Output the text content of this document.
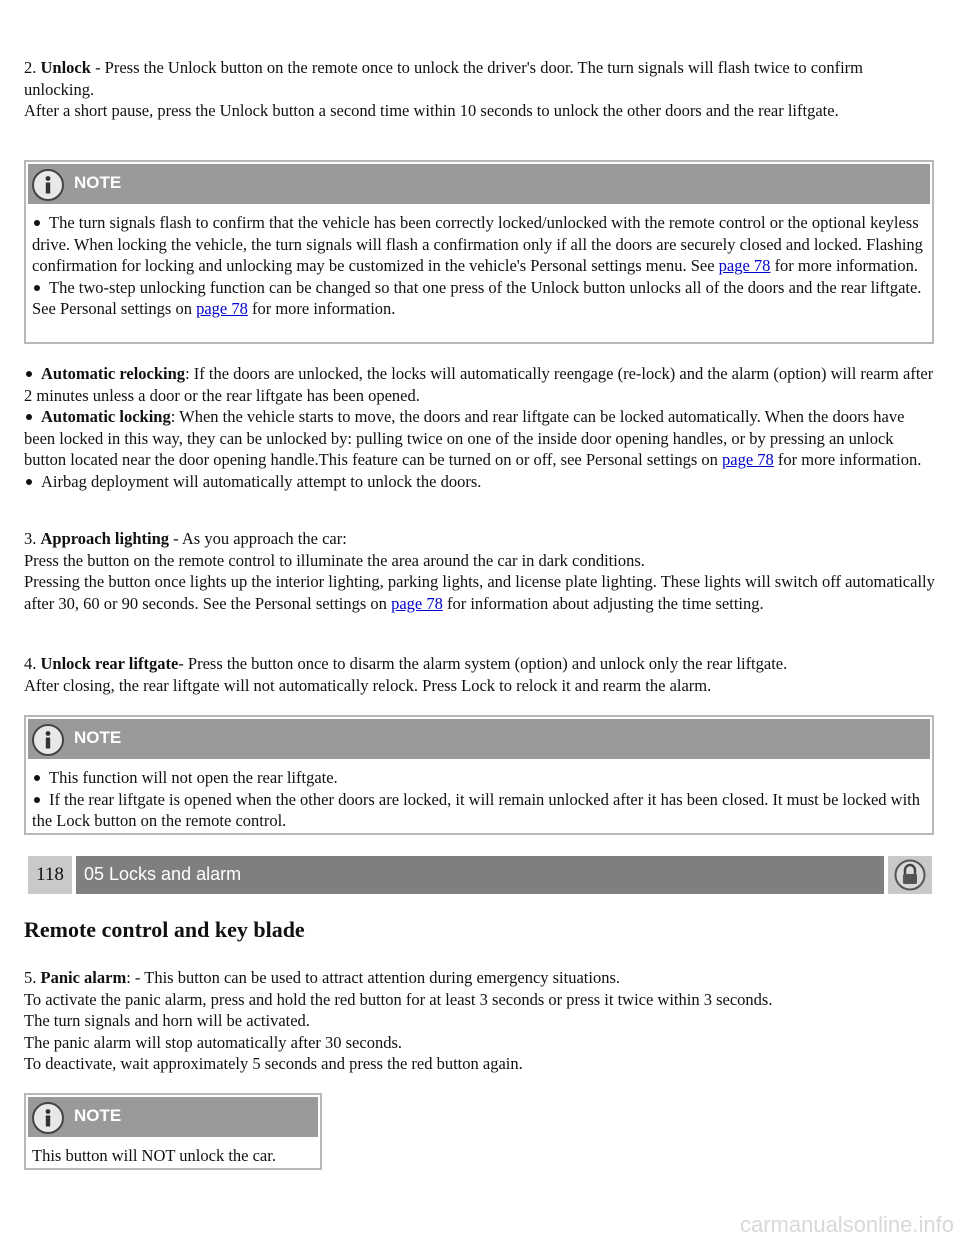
2. Unlock - Press the Unlock button on the remote once to unlock the driver's door. The turn signals will flash twice to confirm unlocking.

After a short pause, press the Unlock button a second time within 10 seconds to unlock the other doors and the rear liftgate.

NOTE

The turn signals flash to confirm that the vehicle has been correctly locked/unlocked with the remote control or the optional keyless drive. When locking the vehicle, the turn signals will flash a confirmation only if all the doors are securely closed and locked. Flashing confirmation for locking and unlocking may be customized in the vehicle's Personal settings menu. See page 78 for more information.

The two-step unlocking function can be changed so that one press of the Unlock button unlocks all of the doors and the rear liftgate. See Personal settings on page 78 for more information.

Automatic relocking: If the doors are unlocked, the locks will automatically reengage (re-lock) and the alarm (option) will rearm after 2 minutes unless a door or the rear liftgate has been opened.

Automatic locking: When the vehicle starts to move, the doors and rear liftgate can be locked automatically. When the doors have been locked in this way, they can be unlocked by: pulling twice on one of the inside door opening handles, or by pressing an unlock button located near the door opening handle.This feature can be turned on or off, see Personal settings on page 78 for more information.

Airbag deployment will automatically attempt to unlock the doors.

3. Approach lighting - As you approach the car:

Press the button on the remote control to illuminate the area around the car in dark conditions.

Pressing the button once lights up the interior lighting, parking lights, and license plate lighting. These lights will switch off automatically after 30, 60 or 90 seconds. See the Personal settings on page 78 for information about adjusting the time setting.

4. Unlock rear liftgate- Press the button once to disarm the alarm system (option) and unlock only the rear liftgate.

After closing, the rear liftgate will not automatically relock. Press Lock to relock it and rearm the alarm.

NOTE

This function will not open the rear liftgate.

If the rear liftgate is opened when the other doors are locked, it will remain unlocked after it has been closed. It must be locked with the Lock button on the remote control.

Remote control and key blade

5. Panic alarm: - This button can be used to attract attention during emergency situations.

To activate the panic alarm, press and hold the red button for at least 3 seconds or press it twice within 3 seconds.

The turn signals and horn will be activated.

The panic alarm will stop automatically after 30 seconds.

To deactivate, wait approximately 5 seconds and press the red button again.

NOTE

This button will NOT unlock the car.

118	05 Locks and alarm
carmanualsonline.info
